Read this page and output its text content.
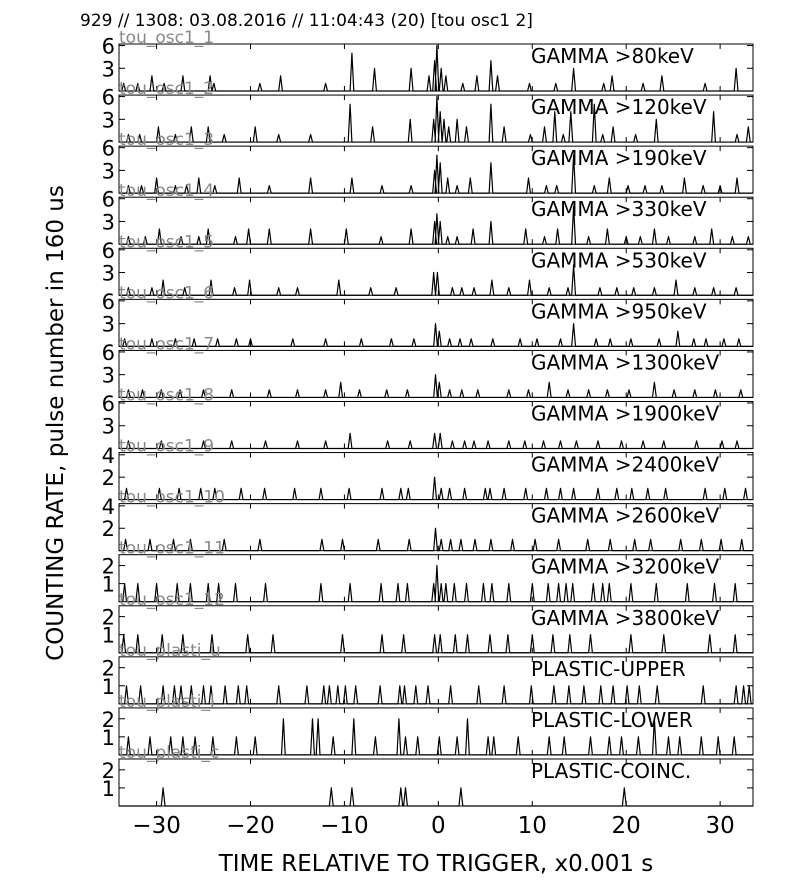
929 // 1308: 03.08.2016 // 11:04:43 (20) [tou osc1 2]
COUNTING RATE, pulse number in 160 us
TIME RELATIVE TO TRIGGER, x0.001 s
3
6	GAMMA >80keV
tou_osc1_1
3
6	GAMMA >120keV
tou_osc1_2
3
6	GAMMA >190keV
tou_osc1_3
3
6	GAMMA >330keV
tou_osc1_4
3
6	GAMMA >530keV
tou_osc1_5
3
6	GAMMA >950keV
tou_osc1_6
3
6	GAMMA >1300keV
tou_osc1_7
3
6	GAMMA >1900keV
tou_osc1_8
2
4	GAMMA >2400keV
tou_osc1_9
2
4	GAMMA >2600keV
tou_osc1_10
1
2	GAMMA >3200keV
tou_osc1_11
1
2	GAMMA >3800keV
tou_osc1_12
1
2	PLASTIC-UPPER
tou_plasti_u
1
2	PLASTIC-LOWER
tou_plasti_l
1
2	PLASTIC-COINC.
tou_plasti_c
−30 −20 −10	0	10	20	30
